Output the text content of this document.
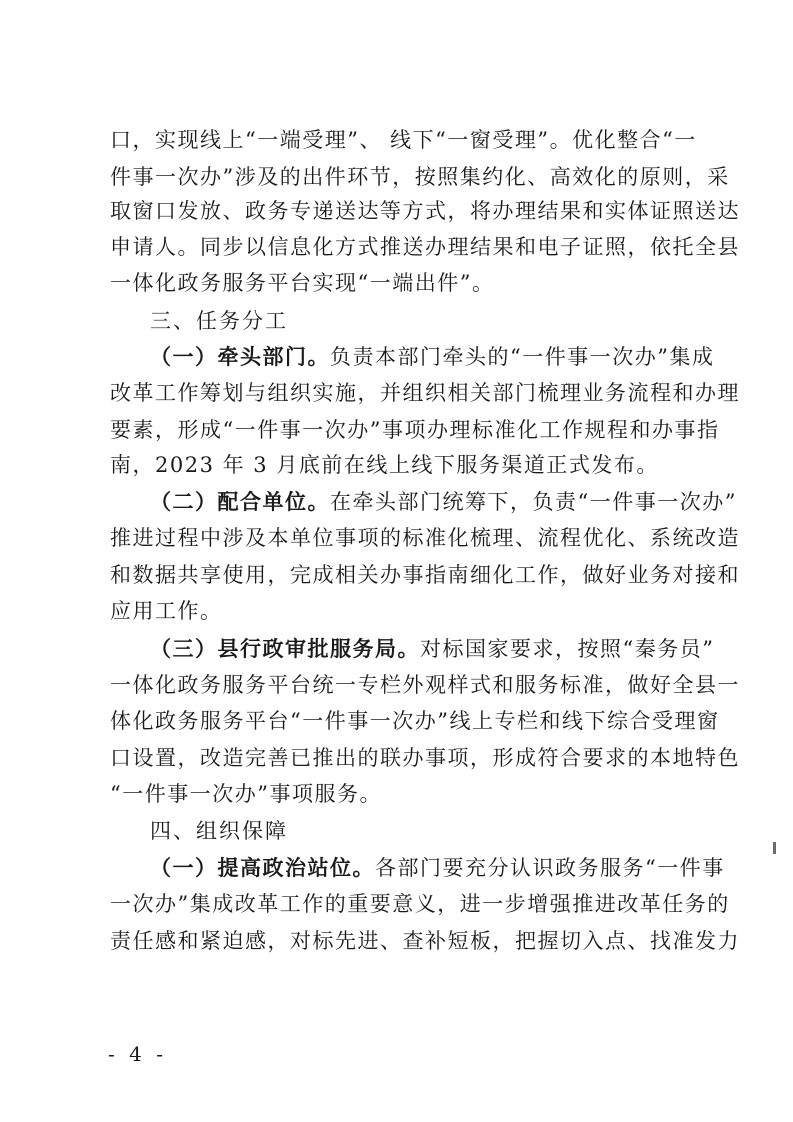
口，实现线上“一端受理”、 线下“一窗受理”。优化整合“一
件事一次办”涉及的出件环节，按照集约化、高效化的原则，采
取窗口发放、政务专递送达等方式，将办理结果和实体证照送达
申请人。同步以信息化方式推送办理结果和电子证照，依托全县
一体化政务服务平台实现“一端出件”。
三、任务分工
（一）牵头部门。负责本部门牵头的“一件事一次办”集成
改革工作筹划与组织实施，并组织相关部门梳理业务流程和办理
要素，形成“一件事一次办”事项办理标准化工作规程和办事指
南，2023 年 3 月底前在线上线下服务渠道正式发布。
（二）配合单位。在牵头部门统筹下，负责“一件事一次办”
推进过程中涉及本单位事项的标准化梳理、流程优化、系统改造
和数据共享使用，完成相关办事指南细化工作，做好业务对接和
应用工作。
（三）县行政审批服务局。对标国家要求，按照“秦务员”
一体化政务服务平台统一专栏外观样式和服务标准，做好全县一
体化政务服务平台“一件事一次办”线上专栏和线下综合受理窗
口设置，改造完善已推出的联办事项，形成符合要求的本地特色
“一件事一次办”事项服务。
四、组织保障
（一）提高政治站位。各部门要充分认识政务服务“一件事
一次办”集成改革工作的重要意义，进一步增强推进改革任务的
责任感和紧迫感，对标先进、查补短板，把握切入点、找准发力
- 4 -
